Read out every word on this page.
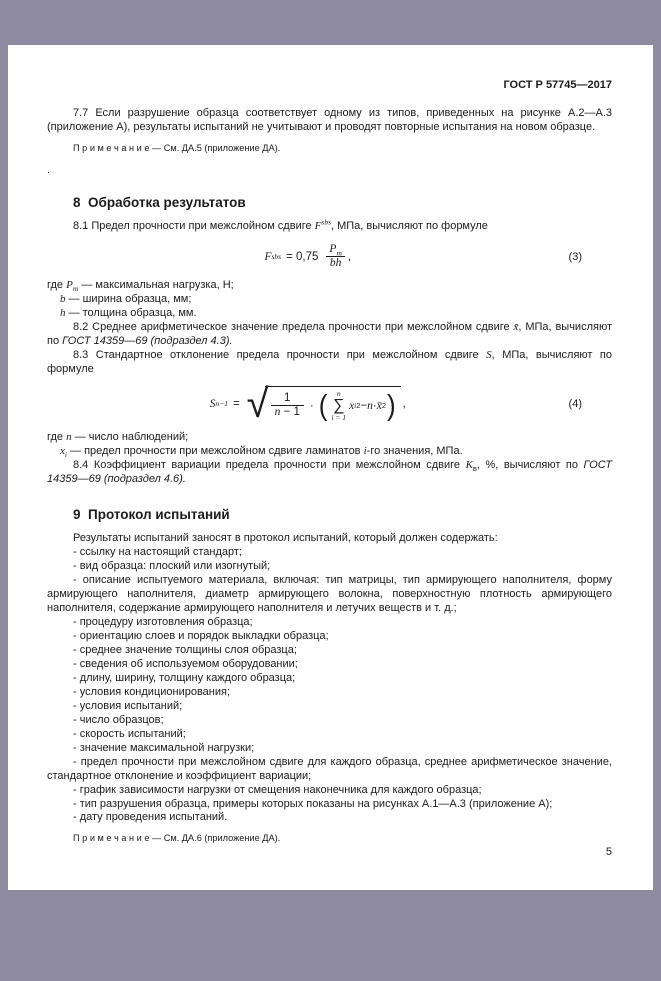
ГОСТ Р 57745—2017

7.7 Если разрушение образца соответствует одному из типов, приведенных на рисунке А.2—А.3 (приложение А), результаты испытаний не учитывают и проводят повторные испытания на новом образце.

П р и м е ч а н и е — См. ДА.5 (приложение ДА).

.

8  Обработка результатов

8.1 Предел прочности при межслойном сдвиге $F^{sbs}$, МПа, вычисляют по формуле

F sbs = $0,75 \frac{P_m}{bh}$ ,	(3)
где $P_m$ — максимальная нагрузка, Н;
b — ширина образца, мм;
h — толщина образца, мм.

8.2 Среднее арифметическое значение предела прочности при межслойном сдвиге x̄, МПа, вычисляют по ГОСТ 14359—69 (подраздел 4.3).

8.3 Стандартное отклонение предела прочности при межслойном сдвиге S, МПа, вычисляют по формуле

S n−1 = √ $\frac{1}{n - 1}$ · ( n
∑
i = 1
x i 2 − n · x̄ 2 ) ,	(4)
где n — число наблюдений;
$x_i$ — предел прочности при межслойном сдвиге ламинатов i-го значения, МПа.

8.4 Коэффициент вариации предела прочности при межслойном сдвиге $K_в$, %, вычисляют по ГОСТ 14359—69 (подраздел 4.6).

9  Протокол испытаний

Результаты испытаний заносят в протокол испытаний, который должен содержать:

- ссылку на настоящий стандарт;
- вид образца: плоский или изогнутый;
- описание испытуемого материала, включая: тип матрицы, тип армирующего наполнителя, форму армирующего наполнителя, диаметр армирующего волокна, поверхностную плотность армирующего наполнителя, содержание армирующего наполнителя и летучих веществ и т. д.;
- процедуру изготовления образца;
- ориентацию слоев и порядок выкладки образца;
- среднее значение толщины слоя образца;
- сведения об используемом оборудовании;
- длину, ширину, толщину каждого образца;
- условия кондиционирования;
- условия испытаний;
- число образцов;
- скорость испытаний;
- значение максимальной нагрузки;
- предел прочности при межслойном сдвиге для каждого образца, среднее арифметическое значение, стандартное отклонение и коэффициент вариации;
- график зависимости нагрузки от смещения наконечника для каждого образца;
- тип разрушения образца, примеры которых показаны на рисунках А.1—А.3 (приложение А);
- дату проведения испытаний.

П р и м е ч а н и е — См. ДА.6 (приложение ДА).

5
